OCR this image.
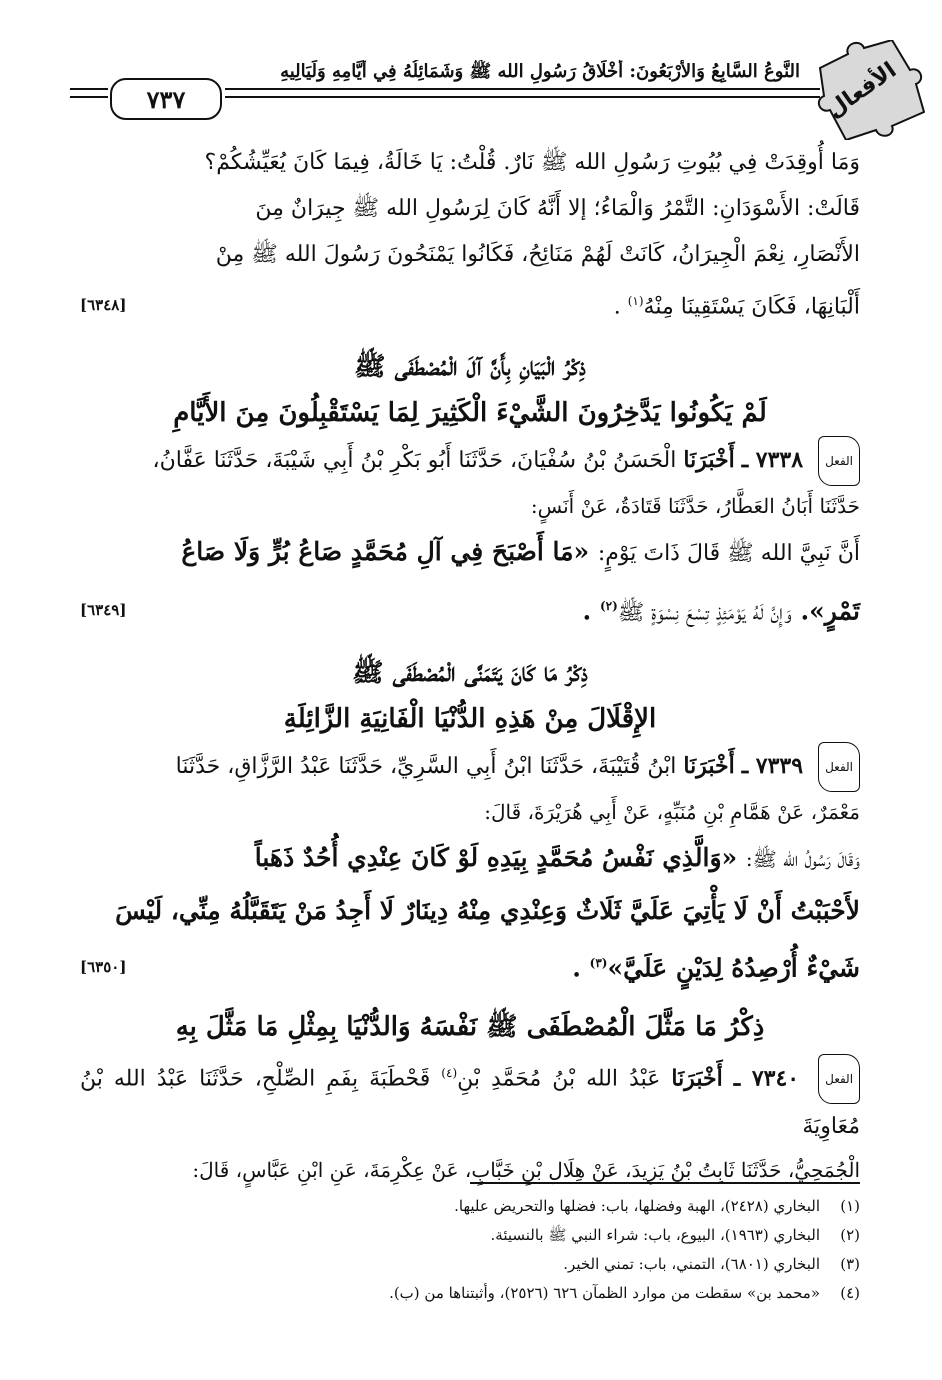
الأفعال
النَّوعُ السَّابِعُ وَالأرْبَعُونَ: أَخْلَاقُ رَسُولِ الله ﷺ وَشَمَائِلُهُ فِي أَيَّامِهِ وَلَيَالِيهِ
٧٣٧

وَمَا أُوقِدَتْ فِي بُيُوتِ رَسُولِ الله ﷺ نَارٌ. قُلْتُ: يَا خَالَةُ، فِيمَا كَانَ يُعَيِّشُكُمْ؟

قَالَتْ: الأَسْوَدَانِ: التَّمْرُ وَالْمَاءُ؛ إلا أَنَّهُ كَانَ لِرَسُولِ الله ﷺ جِيرَانٌ مِنَ

الأَنْصَارِ، نِعْمَ الْجِيرَانُ، كَانَتْ لَهُمْ مَنَائِحُ، فَكَانُوا يَمْنَحُونَ رَسُولَ الله ﷺ مِنْ

أَلْبَانِهَا، فَكَانَ يَسْتَقِينَا مِنْهُ$^{(١)}$ .
[٦٣٤٨]

ذِكْرُ الْبَيَانِ بِأَنَّ آلَ الْمُصْطَفَى ﷺ

لَمْ يَكُونُوا يَدَّخِرُونَ الشَّيْءَ الْكَثِيرَ لِمَا يَسْتَقْبِلُونَ مِنَ الأَيَّامِ

الفعل ٧٣٣٨ ـ أَخْبَرَنَا الْحَسَنُ بْنُ سُفْيَانَ، حَدَّثَنَا أَبُو بَكْرِ بْنُ أَبِي شَيْبَةَ، حَدَّثَنَا عَفَّانُ،

حَدَّثَنَا أَبَانُ العَطَّارُ، حَدَّثَنَا قَتَادَةُ، عَنْ أَنَسٍ:

أَنَّ نَبِيَّ الله ﷺ قَالَ ذَاتَ يَوْمٍ: «مَا أَصْبَحَ فِي آلِ مُحَمَّدٍ صَاعُ بُرٍّ وَلَا صَاعُ

تَمْرٍ». وَإِنَّ لَهُ يَوْمَئِذٍ تِسْعَ نِسْوَةٍ ﷺ$^{(٢)}$ .
[٦٣٤٩]

ذِكْرُ مَا كَانَ يَتَمَنَّى الْمُصْطَفَى ﷺ

الإِقْلَالَ مِنْ هَذِهِ الدُّنْيَا الْفَانِيَةِ الزَّائِلَةِ

الفعل ٧٣٣٩ ـ أَخْبَرَنَا ابْنُ قُتَيْبَةَ، حَدَّثَنَا ابْنُ أَبِي السَّرِيِّ، حَدَّثَنَا عَبْدُ الرَّزَّاقِ، حَدَّثَنَا

مَعْمَرٌ، عَنْ هَمَّامِ بْنِ مُنَبِّهٍ، عَنْ أَبِي هُرَيْرَةَ، قَالَ:

وَقَالَ رَسُولُ الله ﷺ: «وَالَّذِي نَفْسُ مُحَمَّدٍ بِيَدِهِ لَوْ كَانَ عِنْدِي أُحُدٌ ذَهَباً

لأَحْبَبْتُ أَنْ لَا يَأْتِيَ عَلَيَّ ثَلَاثٌ وَعِنْدِي مِنْهُ دِينَارٌ لَا أَجِدُ مَنْ يَتَقَبَّلُهُ مِنِّي، لَيْسَ

شَيْءٌ أُرْصِدُهُ لِدَيْنٍ عَلَيَّ»$^{(٣)}$ .
[٦٣٥٠]

ذِكْرُ مَا مَثَّلَ الْمُصْطَفَى ﷺ نَفْسَهُ وَالدُّنْيَا بِمِثْلِ مَا مَثَّلَ بِهِ

الفعل ٧٣٤٠ ـ أَخْبَرَنَا عَبْدُ الله بْنُ مُحَمَّدِ بْنِ$^{(٤)}$ قَحْطَبَةَ بِفَمِ الصِّلْحِ، حَدَّثَنَا عَبْدُ الله بْنُ مُعَاوِيَةَ

الْجُمَحِيُّ، حَدَّثَنَا ثَابِتُ بْنُ يَزِيدَ، عَنْ هِلَالِ بْنِ خَبَّابٍ، عَنْ عِكْرِمَةَ، عَنِ ابْنِ عَبَّاسٍ، قَالَ:

(١)البخاري (٢٤٢٨)، الهبة وفضلها، باب: فضلها والتحريض عليها.

(٢)البخاري (١٩٦٣)، البيوع، باب: شراء النبي ﷺ بالنسيئة.

(٣)البخاري (٦٨٠١)، التمني، باب: تمني الخير.

(٤)«محمد بن» سقطت من موارد الظمآن ٦٢٦ (٢٥٢٦)، وأثبتناها من (ب).
